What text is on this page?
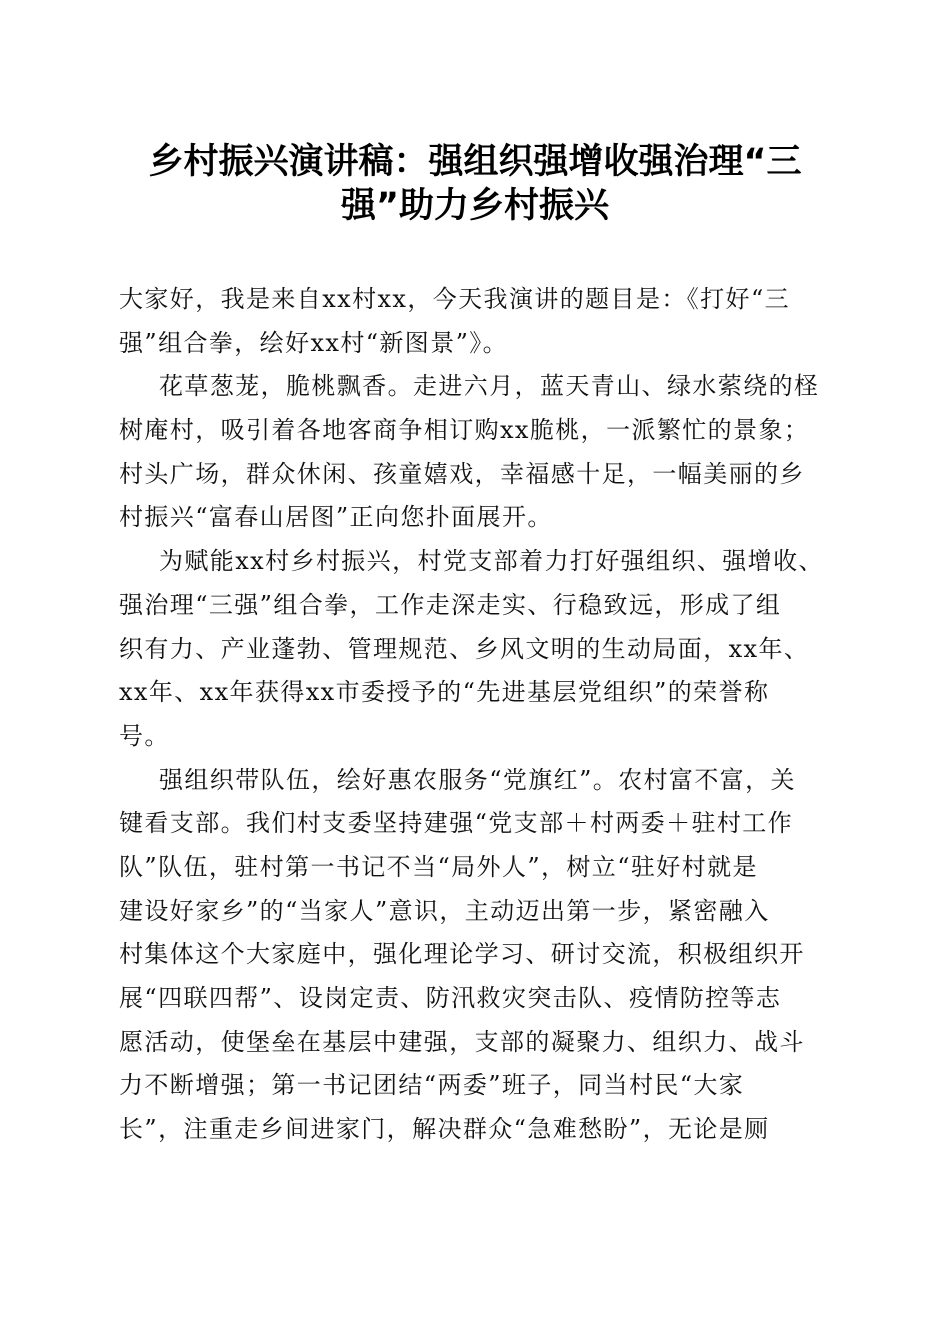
乡村振兴演讲稿：强组织强增收强治理“三
强”助力乡村振兴
大家好，我是来自xx村xx，今天我演讲的题目是：《打好“三
强”组合拳，绘好xx村“新图景”》。
花草葱茏，脆桃飘香。走进六月，蓝天青山、绿水萦绕的柽
树庵村，吸引着各地客商争相订购xx脆桃，一派繁忙的景象；
村头广场，群众休闲、孩童嬉戏，幸福感十足，一幅美丽的乡
村振兴“富春山居图”正向您扑面展开。
为赋能xx村乡村振兴，村党支部着力打好强组织、强增收、
强治理“三强”组合拳，工作走深走实、行稳致远，形成了组
织有力、产业蓬勃、管理规范、乡风文明的生动局面，xx年、
xx年、xx年获得xx市委授予的“先进基层党组织”的荣誉称
号。
强组织带队伍，绘好惠农服务“党旗红”。农村富不富，关
键看支部。我们村支委坚持建强“党支部＋村两委＋驻村工作
队”队伍，驻村第一书记不当“局外人”，树立“驻好村就是
建设好家乡”的“当家人”意识，主动迈出第一步，紧密融入
村集体这个大家庭中，强化理论学习、研讨交流，积极组织开
展“四联四帮”、设岗定责、防汛救灾突击队、疫情防控等志
愿活动，使堡垒在基层中建强，支部的凝聚力、组织力、战斗
力不断增强；第一书记团结“两委”班子，同当村民“大家
长”，注重走乡间进家门，解决群众“急难愁盼”，无论是厕
